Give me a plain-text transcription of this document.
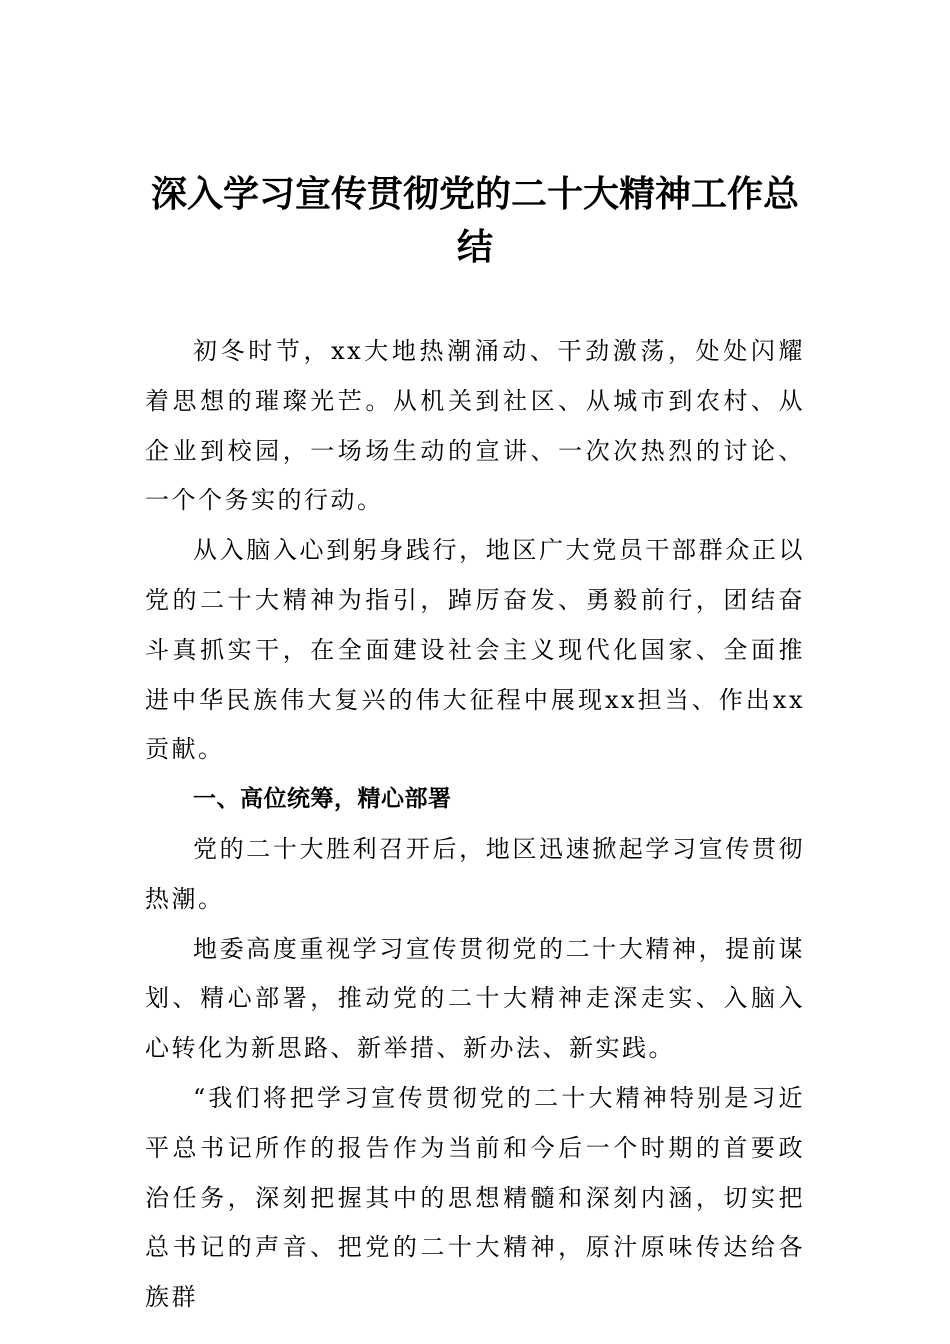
深入学习宣传贯彻党的二十大精神工作总结

初冬时节，xx大地热潮涌动、干劲激荡，处处闪耀着思想的璀璨光芒。从机关到社区、从城市到农村、从企业到校园，一场场生动的宣讲、一次次热烈的讨论、一个个务实的行动。

从入脑入心到躬身践行，地区广大党员干部群众正以党的二十大精神为指引，踔厉奋发、勇毅前行，团结奋斗真抓实干，在全面建设社会主义现代化国家、全面推进中华民族伟大复兴的伟大征程中展现xx担当、作出xx贡献。

一、高位统筹，精心部署

党的二十大胜利召开后，地区迅速掀起学习宣传贯彻热潮。

地委高度重视学习宣传贯彻党的二十大精神，提前谋划、精心部署，推动党的二十大精神走深走实、入脑入心转化为新思路、新举措、新办法、新实践。

“我们将把学习宣传贯彻党的二十大精神特别是习近平总书记所作的报告作为当前和今后一个时期的首要政治任务，深刻把握其中的思想精髓和深刻内涵，切实把总书记的声音、把党的二十大精神，原汁原味传达给各族群
